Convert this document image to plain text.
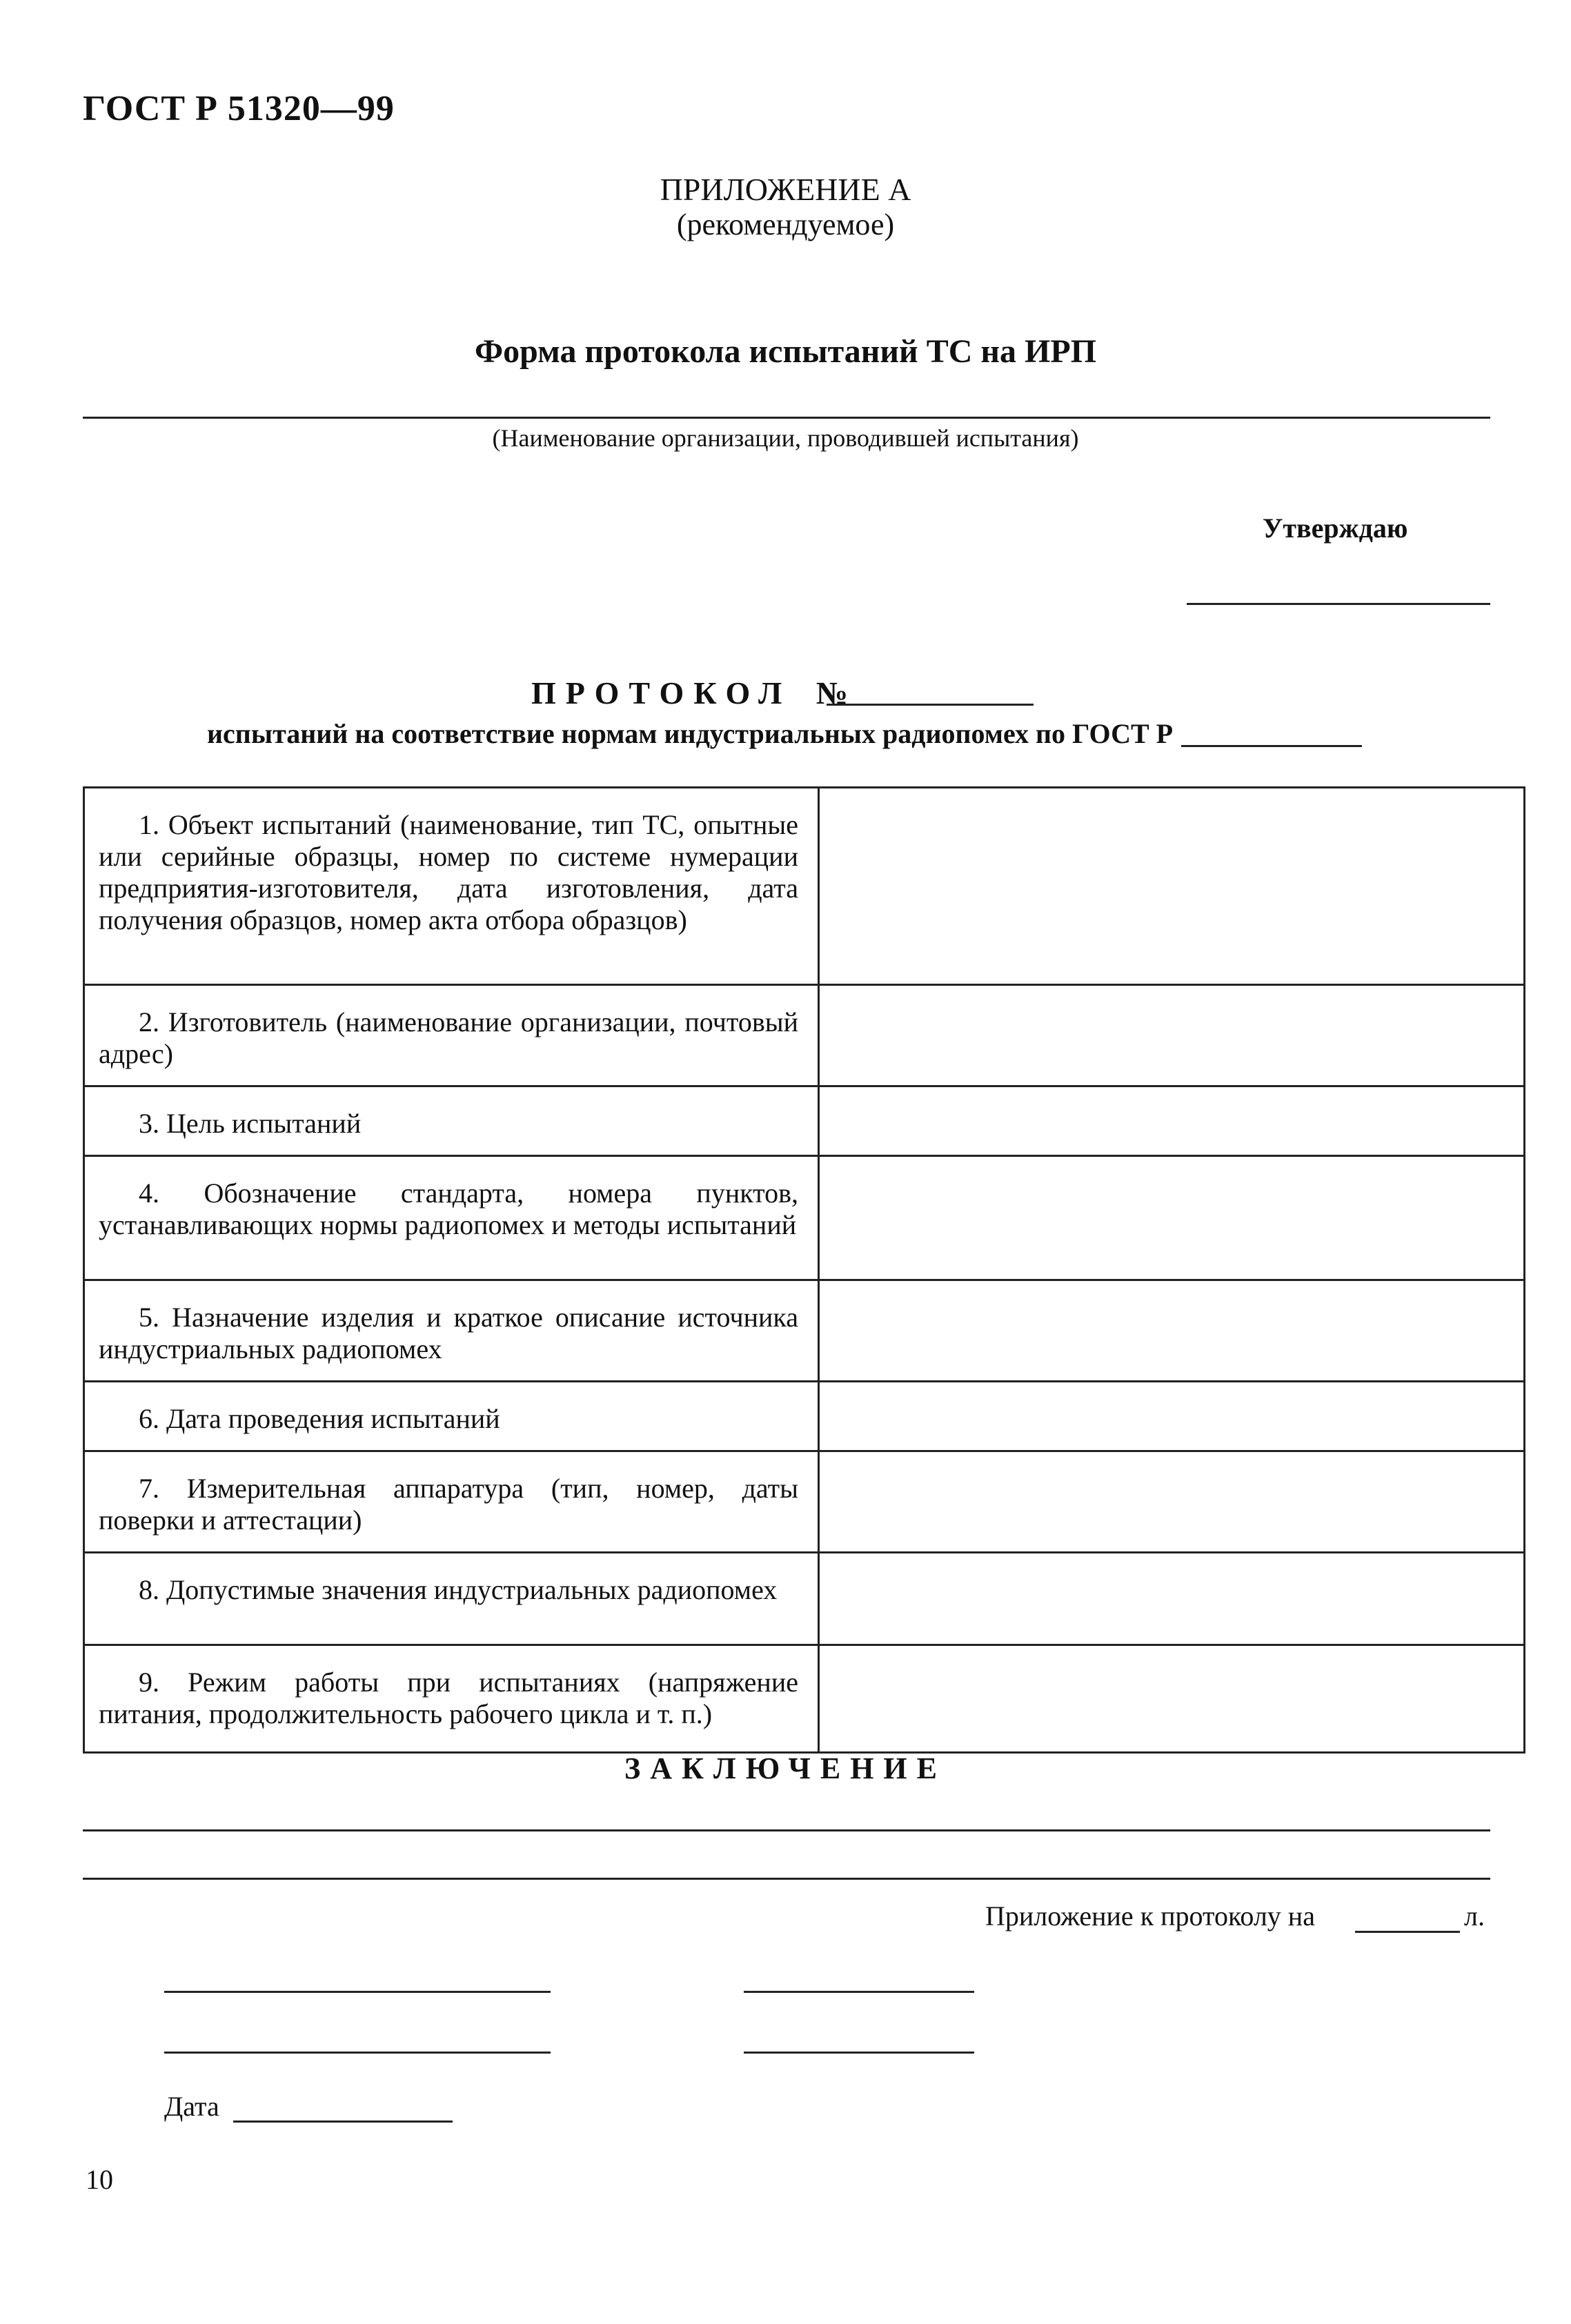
ГОСТ Р 51320—99
ПРИЛОЖЕНИЕ А
(рекомендуемое)
Форма протокола испытаний ТС на ИРП
(Наименование организации, проводившей испытания)
Утверждаю
ПРОТОКОЛ №
испытаний на соответствие нормам индустриальных радиопомех по ГОСТ Р
1. Объект испытаний (наименование, тип ТС, опытные или серийные образцы, номер по системе нумерации предприятия-изготовителя, дата изготовления, дата получения образцов, номер акта отбора образцов)	
2. Изготовитель (наименование организации, почтовый адрес)	
3. Цель испытаний	
4. Обозначение стандарта, номера пунктов, устанавливающих нормы радиопомех и методы испытаний	
5. Назначение изделия и краткое описание источника индустриальных радиопомех	
6. Дата проведения испытаний	
7. Измерительная аппаратура (тип, номер, даты поверки и аттестации)	
8. Допустимые значения индустриальных радиопомех	
9. Режим работы при испытаниях (напряжение питания, продолжительность рабочего цикла и т. п.)	
ЗАКЛЮЧЕНИЕ
Приложение к протоколу на	л.
Дата
10
